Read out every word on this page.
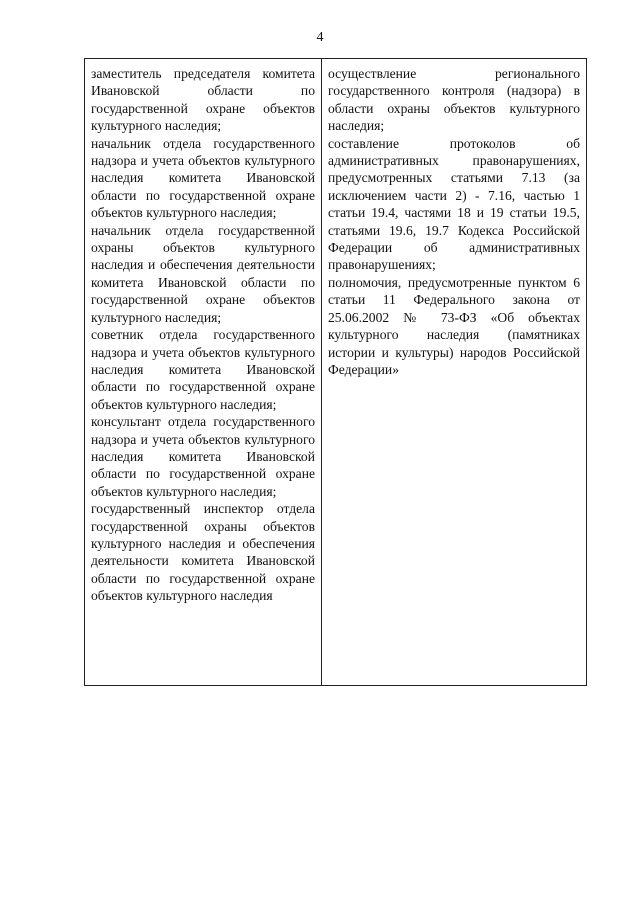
4
заместитель председателя комитета Ивановской области по государственной охране объектов культурного наследия;
начальник отдела государственного надзора и учета объектов культурного наследия комитета Ивановской области по государственной охране объектов культурного наследия;
начальник отдела государственной охраны объектов культурного наследия и обеспечения деятельности комитета Ивановской области по государственной охране объектов культурного наследия;
советник отдела государственного надзора и учета объектов культурного наследия комитета Ивановской области по государственной охране объектов культурного наследия;
консультант отдела государственного надзора и учета объектов культурного наследия комитета Ивановской области по государственной охране объектов культурного наследия;
государственный инспектор отдела государственной охраны объектов культурного наследия и обеспечения деятельности комитета Ивановской области по государственной охране объектов культурного наследия
осуществление регионального государственного контроля (надзора) в области охраны объектов культурного наследия;
составление протоколов об административных правонарушениях, предусмотренных статьями 7.13 (за исключением части 2) - 7.16, частью 1 статьи 19.4, частями 18 и 19 статьи 19.5, статьями 19.6, 19.7 Кодекса Российской Федерации об административных правонарушениях;
полномочия, предусмотренные пунктом 6 статьи 11 Федерального закона от 25.06.2002 № 73-ФЗ «Об объектах культурного наследия (памятниках истории и культуры) народов Российской Федерации»
